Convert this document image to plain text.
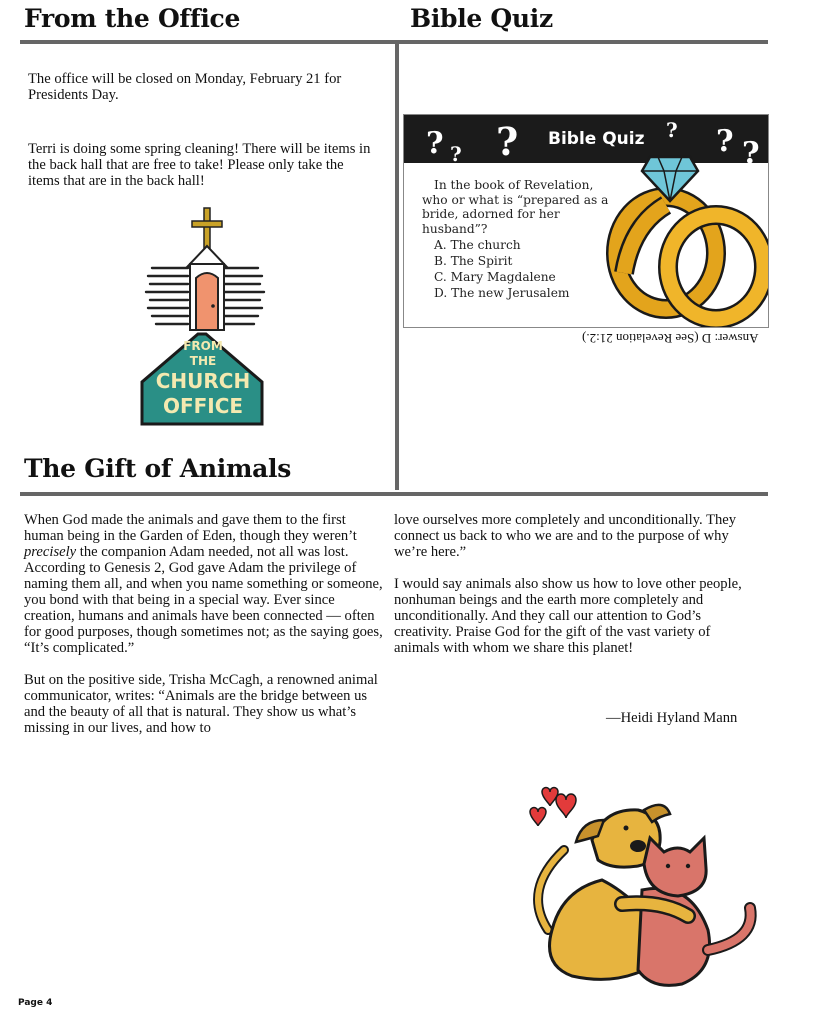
From the Office	Bible Quiz

The office will be closed on Monday, February 21 for Presidents Day.

Terri is doing some spring cleaning! There will be items in the back hall that are free to take! Please only take the items that are in the back hall!

FROM
THE
CHURCH
OFFICE
? ? ?	? ? ?
Bible Quiz
In the book of Revelation, who or what is “prepared as a bride, adorned for her husband”?
A. The church
B. The Spirit
C. Mary Magdalene
D. The new Jerusalem
Answer: D (See Revelation 21:2.)
The Gift of Animals

When God made the animals and gave them to the first human being in the Garden of Eden, though they weren’t precisely the companion Adam needed, not all was lost. According to Genesis 2, God gave Adam the privilege of naming them all, and when you name something or someone, you bond with that being in a special way. Ever since creation, humans and animals have been connected — often for good purposes, though sometimes not; as the saying goes, “It’s complicated.”

But on the positive side, Trisha McCagh, a renowned animal communicator, writes: “Animals are the bridge between us and the beauty of all that is natural. They show us what’s missing in our lives, and how to

love ourselves more completely and unconditionally. They connect us back to who we are and to the purpose of why we’re here.”

I would say animals also show us how to love other people, nonhuman beings and the earth more completely and unconditionally. And they call our attention to God’s creativity. Praise God for the gift of the vast variety of animals with whom we share this planet!

—Heidi Hyland Mann
Page 4
